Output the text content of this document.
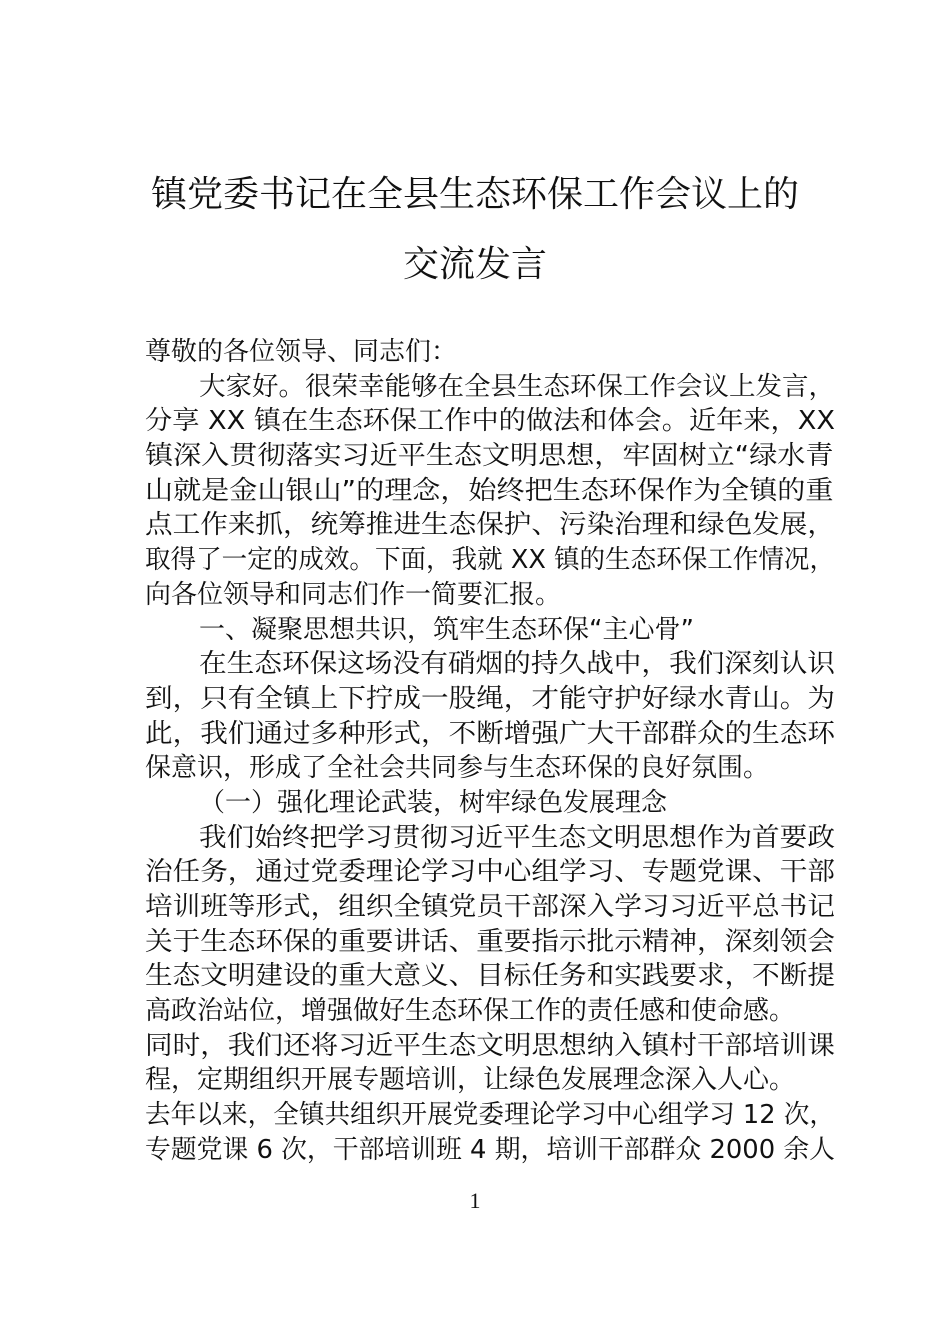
镇党委书记在全县生态环保工作会议上的
交流发言
尊敬的各位领导、同志们：
大家好。很荣幸能够在全县生态环保工作会议上发言，
分享 XX 镇在生态环保工作中的做法和体会。近年来，XX
镇深入贯彻落实习近平生态文明思想，牢固树立“绿水青
山就是金山银山”的理念，始终把生态环保作为全镇的重
点工作来抓，统筹推进生态保护、污染治理和绿色发展，
取得了一定的成效。下面，我就 XX 镇的生态环保工作情况，
向各位领导和同志们作一简要汇报。
一、凝聚思想共识，筑牢生态环保“主心骨”
在生态环保这场没有硝烟的持久战中，我们深刻认识
到，只有全镇上下拧成一股绳，才能守护好绿水青山。为
此，我们通过多种形式，不断增强广大干部群众的生态环
保意识，形成了全社会共同参与生态环保的良好氛围。
（一）强化理论武装，树牢绿色发展理念
我们始终把学习贯彻习近平生态文明思想作为首要政
治任务，通过党委理论学习中心组学习、专题党课、干部
培训班等形式，组织全镇党员干部深入学习习近平总书记
关于生态环保的重要讲话、重要指示批示精神，深刻领会
生态文明建设的重大意义、目标任务和实践要求，不断提
高政治站位，增强做好生态环保工作的责任感和使命感。
同时，我们还将习近平生态文明思想纳入镇村干部培训课
程，定期组织开展专题培训，让绿色发展理念深入人心。
去年以来，全镇共组织开展党委理论学习中心组学习 12 次，
专题党课 6 次，干部培训班 4 期，培训干部群众 2000 余人
1
